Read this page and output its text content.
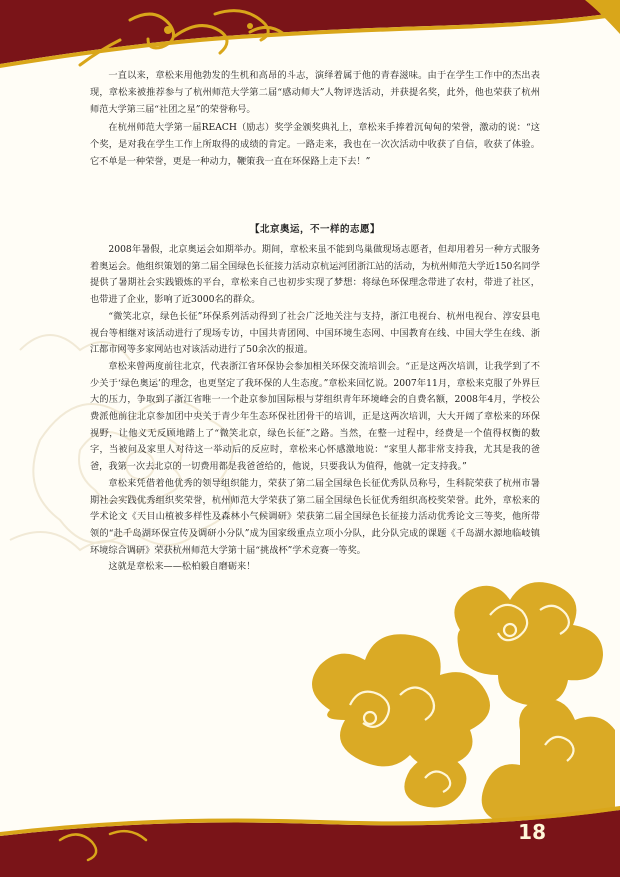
一直以来，章松来用他勃发的生机和高昂的斗志，演绎着属于他的青春滋味。由于在学生工作中的杰出表现，章松来被推荐参与了杭州师范大学第二届“感动师大”人物评选活动，并获提名奖，此外，他也荣获了杭州师范大学第三届“社团之星”的荣誉称号。

在杭州师范大学第一届REACH（励志）奖学金颁奖典礼上，章松来手捧着沉甸甸的荣誉，激动的说：“这个奖，是对我在学生工作上所取得的成绩的肯定。一路走来，我也在一次次活动中收获了自信，收获了体验。它不单是一种荣誉，更是一种动力，鞭策我一直在环保路上走下去！”

【北京奥运，不一样的志愿】

2008年暑假，北京奥运会如期举办。期间，章松来虽不能到鸟巢做现场志愿者，但却用着另一种方式服务着奥运会。他组织策划的第二届全国绿色长征接力活动京杭运河团浙江站的活动，为杭州师范大学近150名同学提供了暑期社会实践锻炼的平台，章松来自己也初步实现了梦想：将绿色环保理念带进了农村，带进了社区，也带进了企业，影响了近3000名的群众。

“微笑北京，绿色长征”环保系列活动得到了社会广泛地关注与支持，浙江电视台、杭州电视台、淳安县电视台等相继对该活动进行了现场专访，中国共青团网、中国环境生态网、中国教育在线、中国大学生在线、浙江都市网等多家网站也对该活动进行了50余次的报道。

章松来曾两度前往北京，代表浙江省环保协会参加相关环保交流培训会。“正是这两次培训，让我学到了不少关于‘绿色奥运’的理念，也更坚定了我环保的人生态度。”章松来回忆说。2007年11月，章松来克服了外界巨大的压力，争取到了浙江省唯一一个赴京参加国际根与芽组织青年环境峰会的自费名额，2008年4月，学校公费派他前往北京参加团中央关于青少年生态环保社团骨干的培训，正是这两次培训，大大开阔了章松来的环保视野，让他义无反顾地踏上了“微笑北京，绿色长征”之路。当然，在整一过程中，经费是一个值得权衡的数字，当被问及家里人对待这一举动后的反应时，章松来心怀感激地说：“家里人都非常支持我，尤其是我的爸爸，我第一次去北京的一切费用都是我爸爸给的，他说，只要我认为值得，他就一定支持我。”

章松来凭借着他优秀的领导组织能力，荣获了第二届全国绿色长征优秀队员称号，生科院荣获了杭州市暑期社会实践优秀组织奖荣誉，杭州师范大学荣获了第二届全国绿色长征优秀组织高校奖荣誉。此外，章松来的学术论文《天目山植被多样性及森林小气候调研》荣获第二届全国绿色长征接力活动优秀论文三等奖，他所带领的“赴千岛湖环保宣传及调研小分队”成为国家级重点立项小分队，此分队完成的课题《千岛湖水源地临岐镇环境综合调研》荣获杭州师范大学第十届“挑战杯”学术竞赛一等奖。

这就是章松来——松柏毅自磨砺来！

18
